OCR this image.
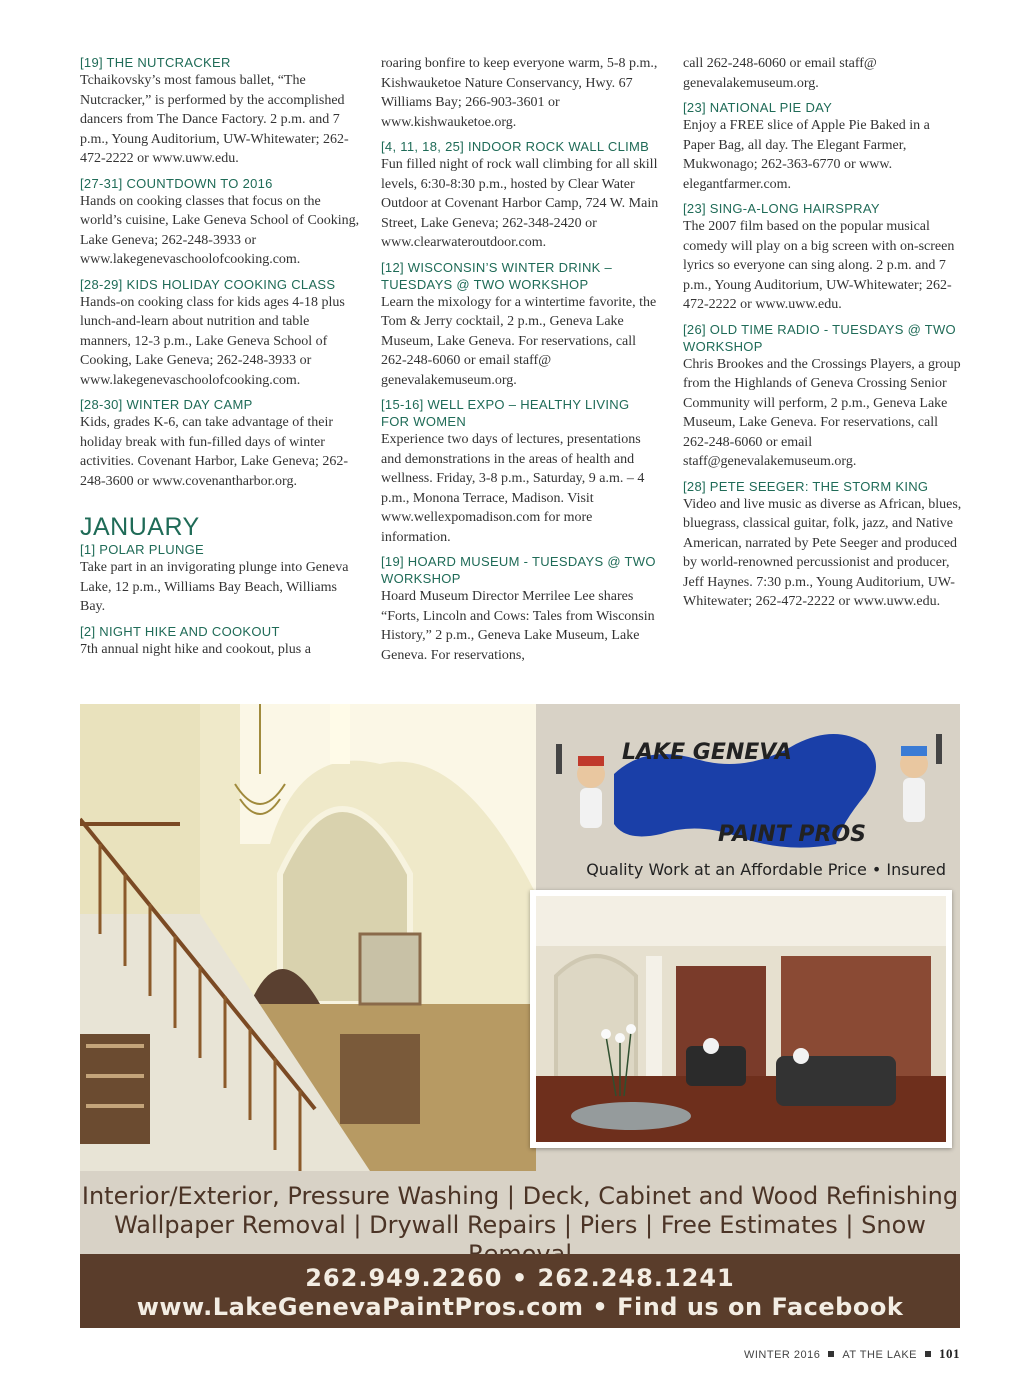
[19] THE NUTCRACKER
Tchaikovsky’s most famous ballet, “The Nutcracker,” is performed by the accomplished dancers from The Dance Factory. 2 p.m. and 7 p.m., Young Auditorium, UW-Whitewater; 262-472-2222 or www.uww.edu.
[27-31] COUNTDOWN TO 2016
Hands on cooking classes that focus on the world’s cuisine, Lake Geneva School of Cooking, Lake Geneva; 262-248-3933 or www.lakegenevaschoolofcooking.com.
[28-29] KIDS HOLIDAY COOKING CLASS
Hands-on cooking class for kids ages 4-18 plus lunch-and-learn about nutrition and table manners, 12-3 p.m., Lake Geneva School of Cooking, Lake Geneva; 262-248-3933 or www.lakegenevaschoolofcooking.com.
[28-30] WINTER DAY CAMP
Kids, grades K-6, can take advantage of their holiday break with fun-filled days of winter activities. Covenant Harbor, Lake Geneva; 262-248-3600 or www.covenantharbor.org.
JANUARY
[1] POLAR PLUNGE
Take part in an invigorating plunge into Geneva Lake, 12 p.m., Williams Bay Beach, Williams Bay.
[2] NIGHT HIKE AND COOKOUT
7th annual night hike and cookout, plus a
roaring bonfire to keep everyone warm, 5-8 p.m., Kishwauketoe Nature Conservancy, Hwy. 67 Williams Bay; 266-903-3601 or www.kishwauketoe.org.
[4, 11, 18, 25] INDOOR ROCK WALL CLIMB
Fun filled night of rock wall climbing for all skill levels, 6:30-8:30 p.m., hosted by Clear Water Outdoor at Covenant Harbor Camp, 724 W. Main Street, Lake Geneva; 262-348-2420 or www.clearwateroutdoor.com.
[12] WISCONSIN’S WINTER DRINK – TUESDAYS @ TWO WORKSHOP
Learn the mixology for a wintertime favorite, the Tom & Jerry cocktail, 2 p.m., Geneva Lake Museum, Lake Geneva. For reservations, call 262-248-6060 or email staff@ genevalakemuseum.org.
[15-16] WELL EXPO – HEALTHY LIVING FOR WOMEN
Experience two days of lectures, presentations and demonstrations in the areas of health and wellness. Friday, 3-8 p.m., Saturday, 9 a.m. – 4 p.m., Monona Terrace, Madison. Visit www.wellexpomadison.com for more information.
[19] HOARD MUSEUM - TUESDAYS @ TWO WORKSHOP
Hoard Museum Director Merrilee Lee shares “Forts, Lincoln and Cows: Tales from Wisconsin History,” 2 p.m., Geneva Lake Museum, Lake Geneva. For reservations,
call 262-248-6060 or email staff@ genevalakemuseum.org.
[23] NATIONAL PIE DAY
Enjoy a FREE slice of Apple Pie Baked in a Paper Bag, all day. The Elegant Farmer, Mukwonago; 262-363-6770 or www. elegantfarmer.com.
[23] SING-A-LONG HAIRSPRAY
The 2007 film based on the popular musical comedy will play on a big screen with on-screen lyrics so everyone can sing along. 2 p.m. and 7 p.m., Young Auditorium, UW-Whitewater; 262-472-2222 or www.uww.edu.
[26] OLD TIME RADIO - TUESDAYS @ TWO WORKSHOP
Chris Brookes and the Crossings Players, a group from the Highlands of Geneva Crossing Senior Community will perform, 2 p.m., Geneva Lake Museum, Lake Geneva. For reservations, call 262-248-6060 or email staff@genevalakemuseum.org.
[28] PETE SEEGER: THE STORM KING
Video and live music as diverse as African, blues, bluegrass, classical guitar, folk, jazz, and Native American, narrated by Pete Seeger and produced by world-renowned percussionist and producer, Jeff Haynes. 7:30 p.m., Young Auditorium, UW-Whitewater; 262-472-2222 or www.uww.edu.
LAKE GENEVA
PAINT PROS
Quality Work at an Affordable Price • Insured
Interior/Exterior, Pressure Washing | Deck, Cabinet and Wood Refinishing
Wallpaper Removal | Drywall Repairs | Piers | Free Estimates | Snow
262.949.2260 • 262.248.1241
www.LakeGenevaPaintPros.com • Find us on Facebook
WINTER 2016 AT THE LAKE 101
